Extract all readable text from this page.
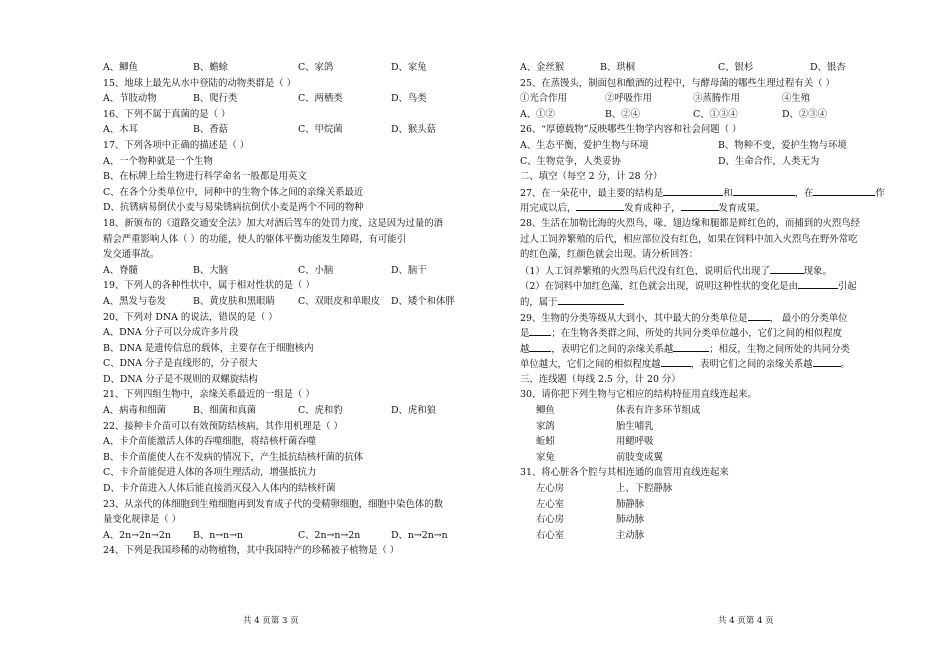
A、鲫鱼	B、蟾蜍	C、家鸽	D、家兔
15、地球上最先从水中登陆的动物类群是（ ）
A、节肢动物	B、爬行类	C、两栖类	D、鸟类
16、下列不属于真菌的是（ ）
A、木耳	B、香菇	C、甲烷菌	D、猴头菇
17、下列各项中正确的描述是（ ）
A、一个物种就是一个生物
B、在标牌上给生物进行科学命名一般都是用英文
C、在各个分类单位中，同种中的生物个体之间的亲缘关系最近
D、抗锈病易倒伏小麦与易染锈病抗倒伏小麦是两个不同的物种
18、新颁布的《道路交通安全法》加大对酒后驾车的处罚力度，这是因为过量的酒
精会严重影响人体（ ）的功能，使人的躯体平衡功能发生障碍，有可能引
发交通事故。
A、脊髓	B、大脑	C、小脑	D、脑干
19、下列人的各种性状中，属于相对性状的是（ ）
A、黑发与卷发	B、黄皮肤和黑眼睛 C、双眼皮和单眼皮 D、矮个和体胖
20、下列对 DNA 的说法，错误的是（ ）
A、DNA 分子可以分成许多片段
B、DNA 是遗传信息的载体，主要存在于细胞核内
C、DNA 分子是直线形的，分子很大
D、DNA 分子是不规则的双螺旋结构
21、下列四组生物中，亲缘关系最近的一组是（ ）
A、病毒和细菌	B、细菌和真菌	C、虎和豹	D、虎和狼
22、接种卡介苗可以有效预防结核病，其作用机理是（ ）
A、卡介苗能激活人体的吞噬细胞，将结核杆菌吞噬
B、卡介苗能使人在不发病的情况下，产生抵抗结核杆菌的抗体
C、卡介苗能促进人体的各项生理活动，增强抵抗力
D、卡介苗进入人体后能直接消灭侵入人体内的结核杆菌
23、从亲代的体细胞到生殖细胞再到发育成子代的受精卵细胞，细胞中染色体的数
量变化规律是（ ）
A、2n→2n→2n B、n→n→n	C、2n→n→2n	D、n→2n→n
24、下列是我国珍稀的动物植物，其中我国特产的珍稀被子植物是（ ）
A、金丝猴	B、珙桐	C、银杉	D、银杏
25、在蒸馒头，制面包和酿酒的过程中，与酵母菌的哪些生理过程有关（ ）
①光合作用	②呼吸作用	③蒸腾作用	④生殖
A、①②	B、②④	C、①③④	D、②③④
26、“厚德载物”反映哪些生物学内容和社会问题（ ）
A、生态平衡，爱护生物与环境	B、物种不变，爱护生物与环境
C、生物竞争，人类妥协	D、生命合作，人类无为
二、填空（每空 2 分，计 28 分）
27、在一朵花中，最主要的结构是	和	，在	作
用完成以后，	发育成种子，	发育成果。
28、生活在加勒比海的火烈鸟，喙、翅边缘和腿都是鲜红色的，而捕到的火烈鸟经
过人工饲养繁殖的后代，相应部位没有红色，如果在饲料中加入火烈鸟在野外常吃
的红色藻，红颜色就会出现。请分析回答：
（1）人工饲养繁殖的火烈鸟后代没有红色，说明后代出现了	现象。
（2）在饲料中加红色藻，红色就会出现，说明这种性状的变化是由	引起
的，属于
29、生物的分类等级从大到小，其中最大的分类单位是 ， 最小的分类单位
是 ；在生物各类群之间，所处的共同分类单位越小，它们之间的相似程度
越 ，表明它们之间的亲缘关系越	；相反，生物之间所处的共同分类
单位越大，它们之间的相似程度越	，表明它们之间的亲缘关系越	。
三、连线题（每线 2.5 分，计 20 分）
30、请你把下列生物与它相应的结构特征用直线连起来。
鲫鱼	体表有许多环节组成
家鸽	胎生哺乳
蚯蚓	用鳃呼吸
家兔	前肢变成翼
31、将心脏各个腔与其相连通的血管用直线连起来
左心房	上、下腔静脉
左心室	肺静脉
右心房	肺动脉
右心室	主动脉
共 4 页第 3 页	共 4 页第 4 页
